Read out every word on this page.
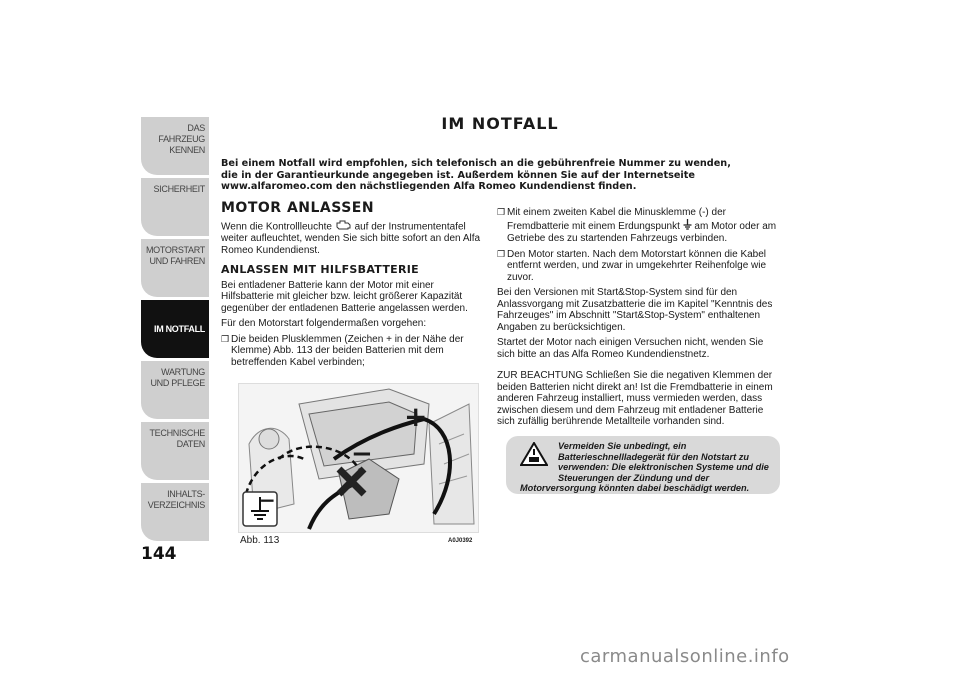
DAS FAHRZEUG KENNEN
SICHERHEIT
MOTORSTART UND FAHREN
IM NOTFALL
WARTUNG UND PFLEGE
TECHNISCHE DATEN
INHALTS-VERZEICHNIS
144
IM NOTFALL
Bei einem Notfall wird empfohlen, sich telefonisch an die gebührenfreie Nummer zu wenden, die in der Garantieurkunde angegeben ist. Außerdem können Sie auf der Internetseite www.alfaromeo.com den nächstliegenden Alfa Romeo Kundendienst finden.
MOTOR ANLASSEN

Wenn die Kontrollleuchte auf der Instrumententafel weiter aufleuchtet, wenden Sie sich bitte sofort an den Alfa Romeo Kundendienst.

ANLASSEN MIT HILFSBATTERIE

Bei entladener Batterie kann der Motor mit einer Hilfsbatterie mit gleicher bzw. leicht größerer Kapazität gegenüber der entladenen Batterie angelassen werden.

Für den Motorstart folgendermaßen vorgehen:

❒ Die beiden Plusklemmen (Zeichen + in der Nähe der Klemme) Abb. 113 der beiden Batterien mit dem betreffenden Kabel verbinden;
+
−
−
Abb. 113	A0J0392
❒ Mit einem zweiten Kabel die Minusklemme (-) der Fremdbatterie mit einem Erdungspunkt am Motor oder am Getriebe des zu startenden Fahrzeugs verbinden.
❒ Den Motor starten. Nach dem Motorstart können die Kabel entfernt werden, und zwar in umgekehrter Reihenfolge wie zuvor.

Bei den Versionen mit Start&Stop-System sind für den Anlassvorgang mit Zusatzbatterie die im Kapitel "Kenntnis des Fahrzeuges" im Abschnitt "Start&Stop-System" enthaltenen Angaben zu berücksichtigen.

Startet der Motor nach einigen Versuchen nicht, wenden Sie sich bitte an das Alfa Romeo Kundendienstnetz.

ZUR BEACHTUNG Schließen Sie die negativen Klemmen der beiden Batterien nicht direkt an! Ist die Fremdbatterie in einem anderen Fahrzeug installiert, muss vermieden werden, dass zwischen diesem und dem Fahrzeug mit entladener Batterie sich zufällig berührende Metallteile vorhanden sind.

Vermeiden Sie unbedingt, ein Batterieschnellladegerät für den Notstart zu verwenden: Die elektronischen Systeme und die Steuerungen der Zündung und der
Motorversorgung könnten dabei beschädigt werden.
carmanualsonline.info
